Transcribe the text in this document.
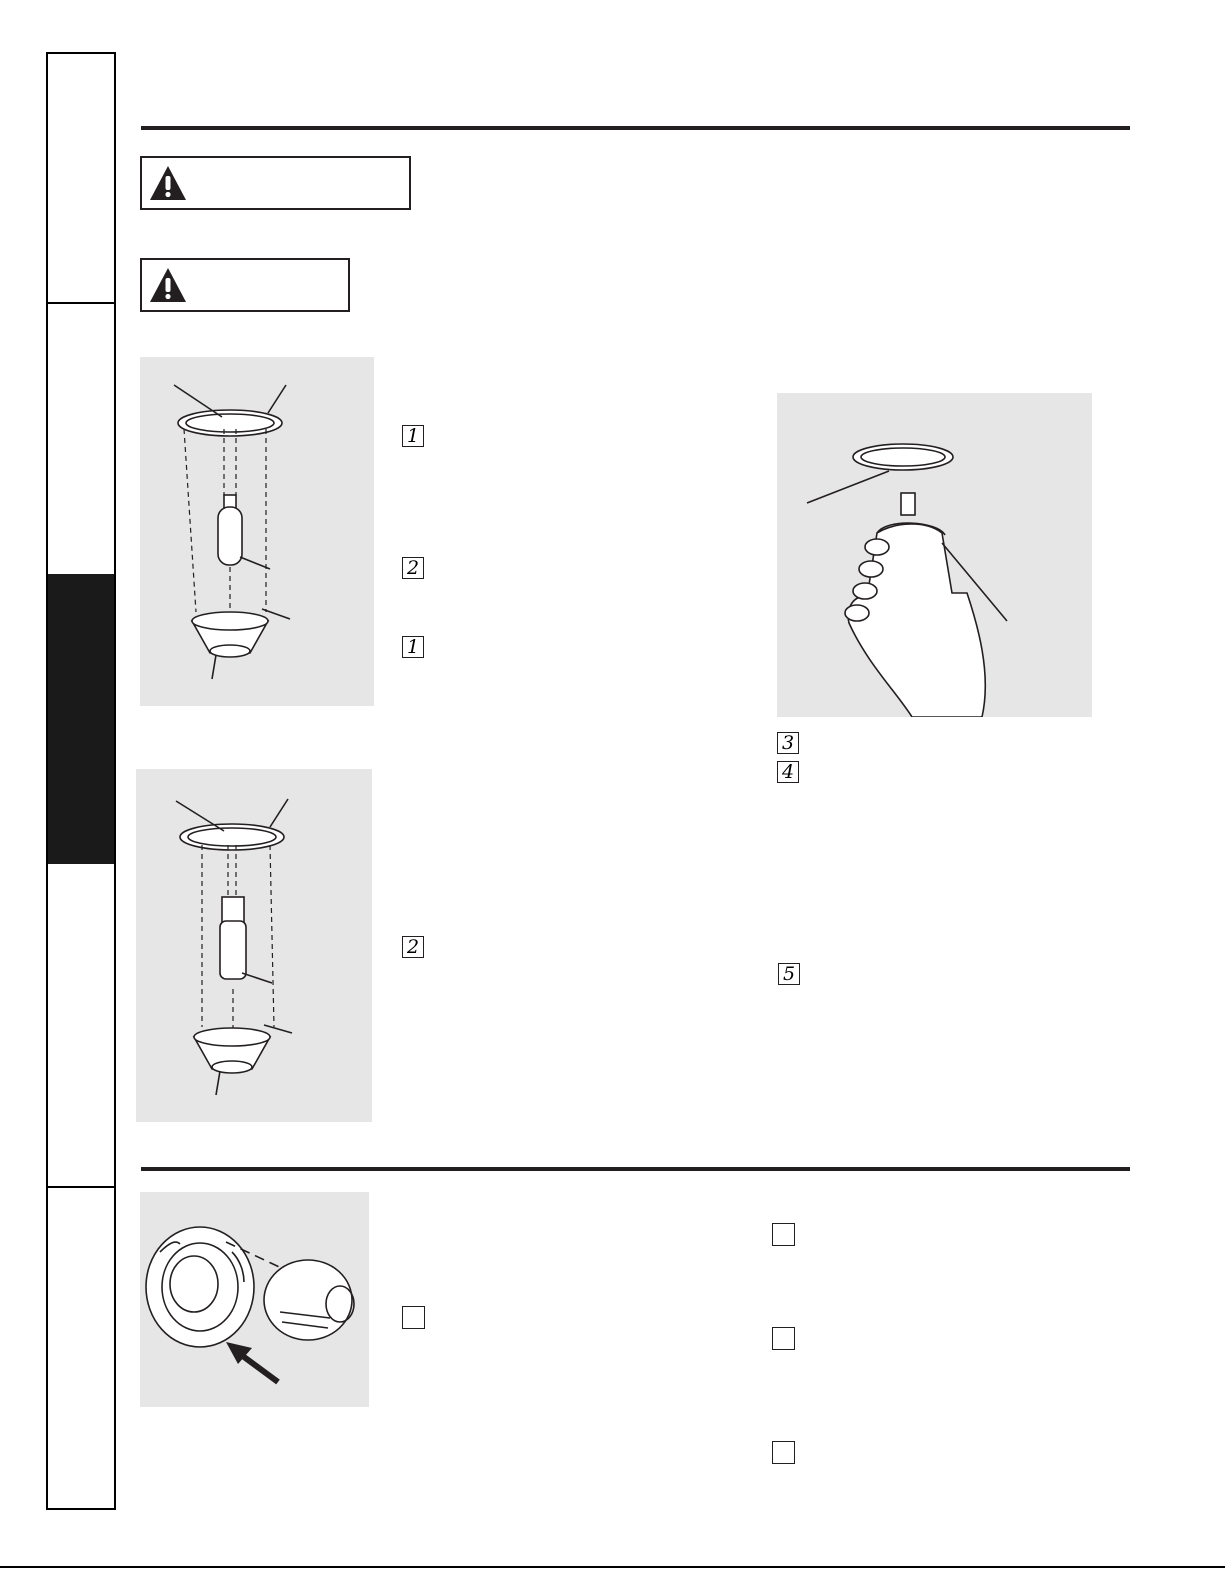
1
2
1
2
3
4
5
